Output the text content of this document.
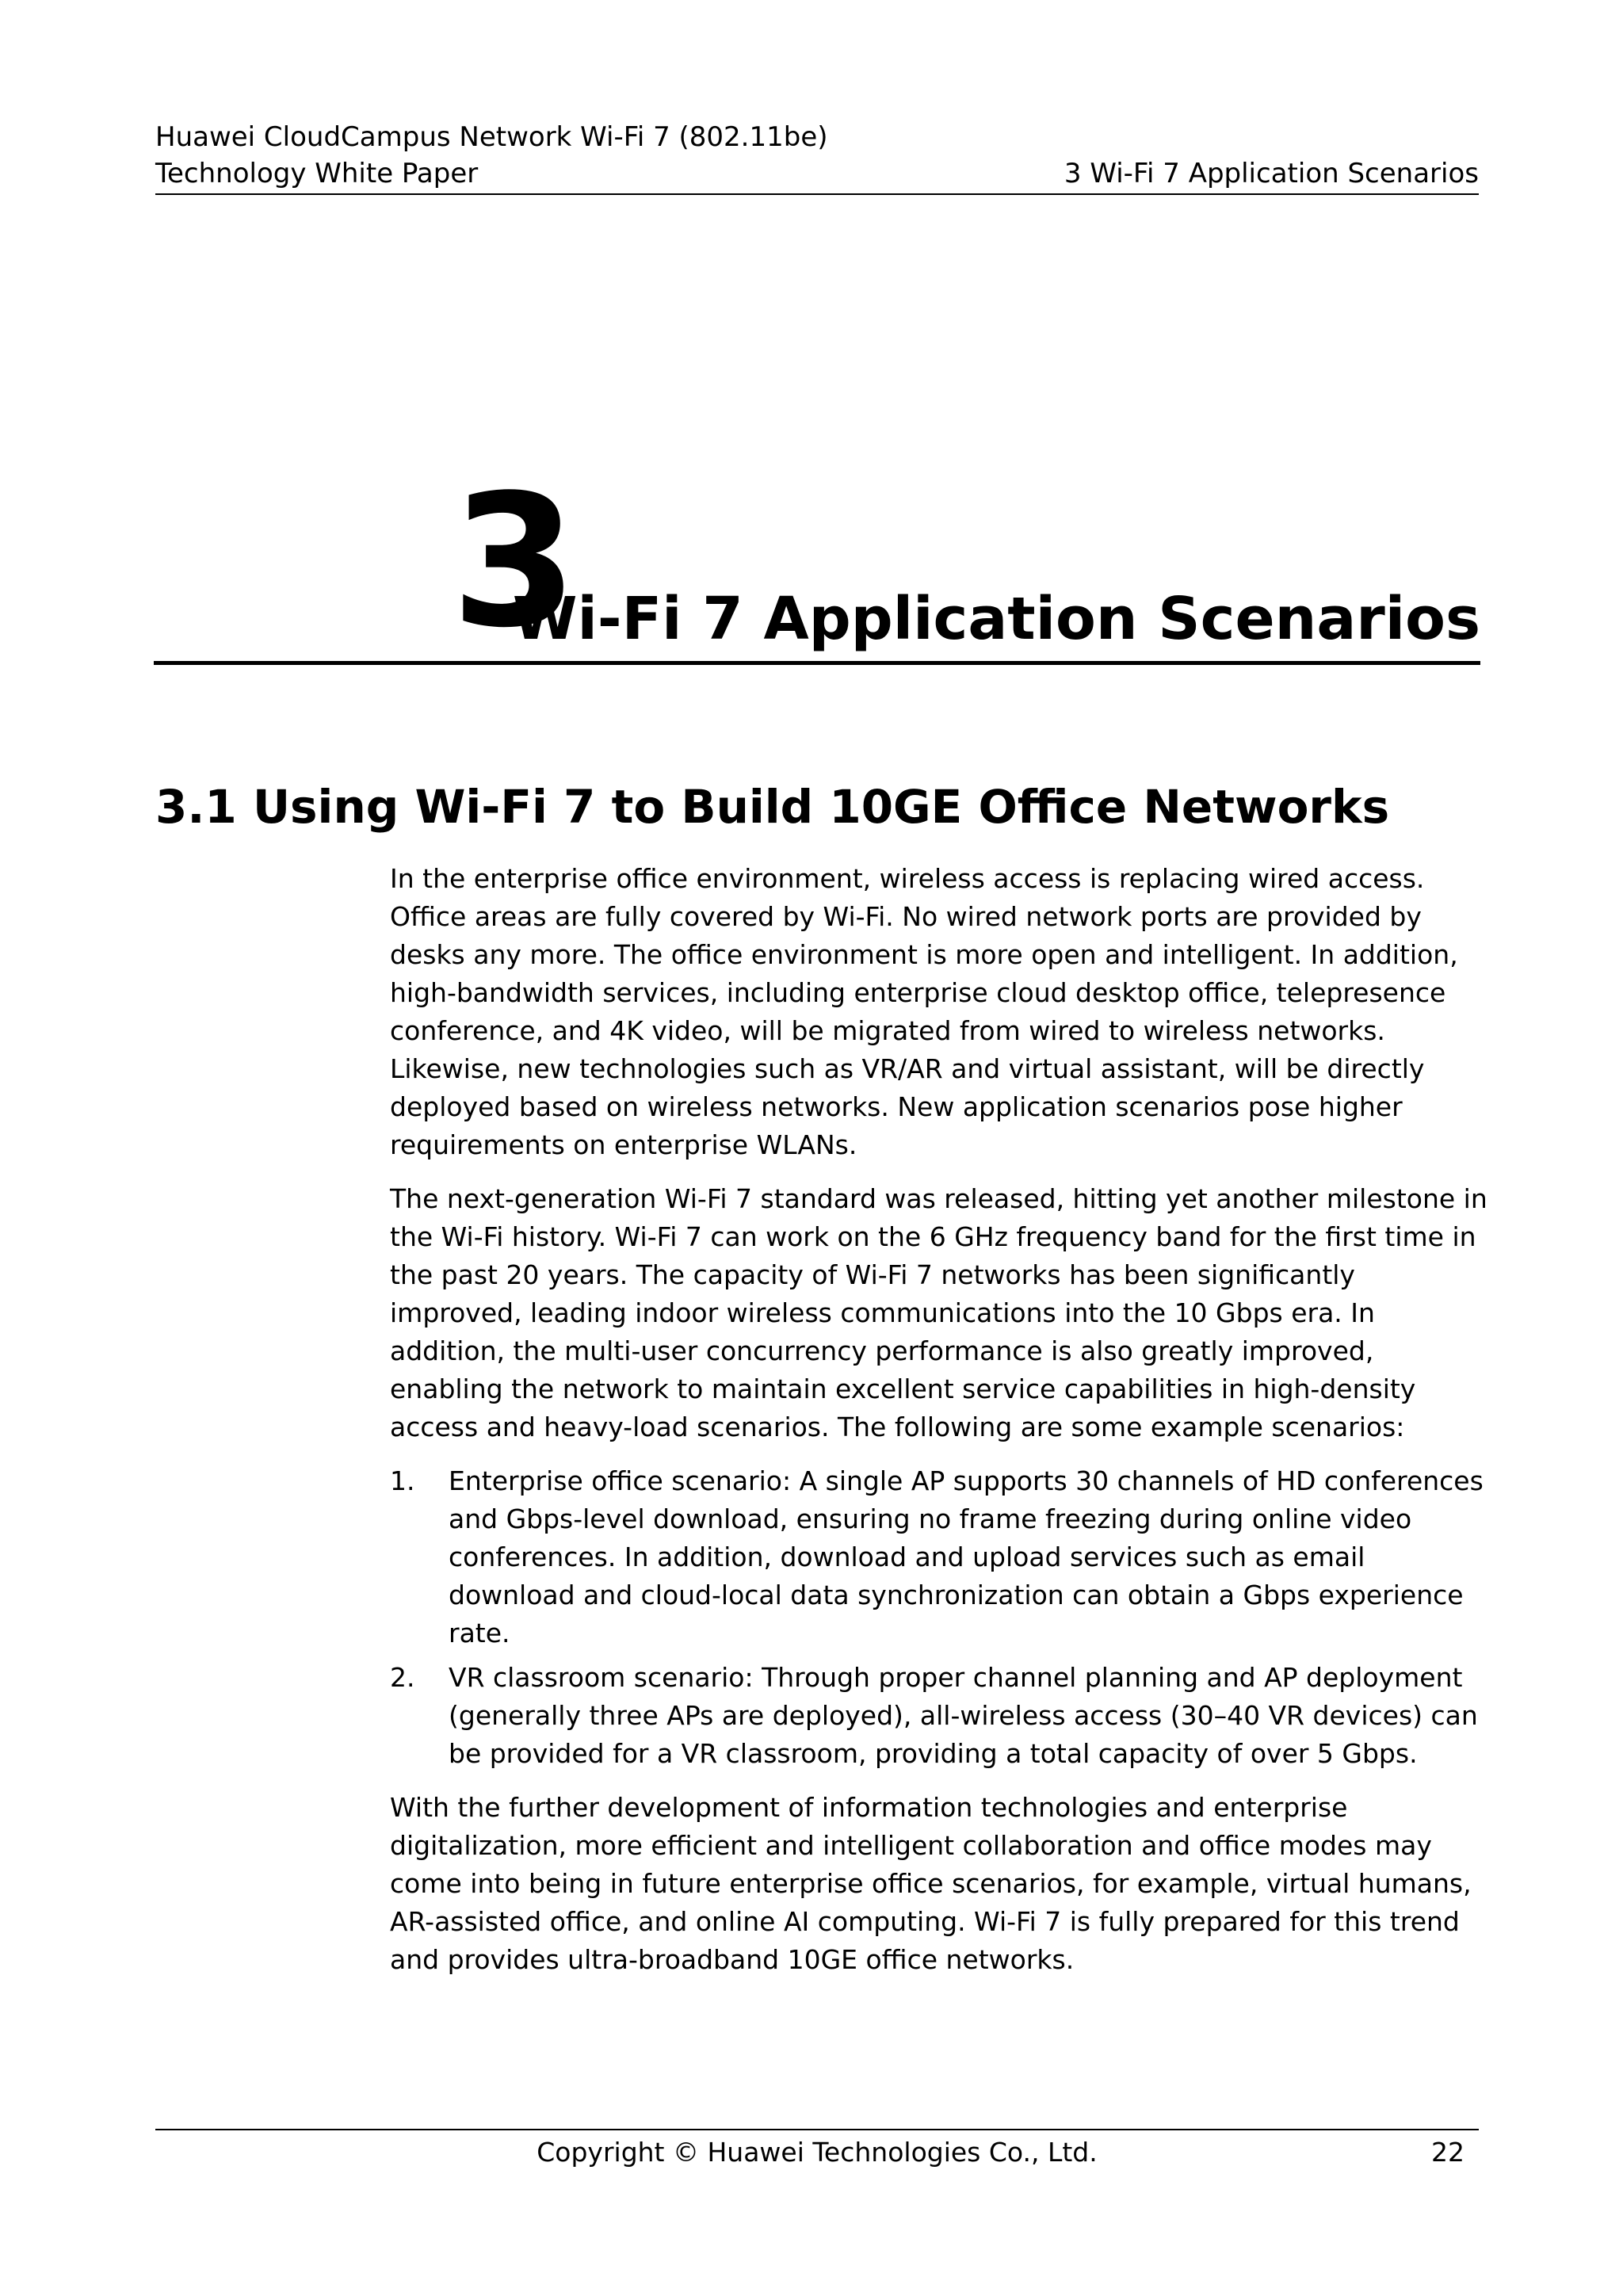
Huawei CloudCampus Network Wi-Fi 7 (802.11be)
Technology White Paper	3 Wi-Fi 7 Application Scenarios
3
Wi-Fi 7 Application Scenarios
3.1 Using Wi-Fi 7 to Build 10GE Office Networks

In the enterprise office environment, wireless access is replacing wired access. Office areas are fully covered by Wi-Fi. No wired network ports are provided by desks any more. The office environment is more open and intelligent. In addition, high-bandwidth services, including enterprise cloud desktop office, telepresence conference, and 4K video, will be migrated from wired to wireless networks. Likewise, new technologies such as VR/AR and virtual assistant, will be directly deployed based on wireless networks. New application scenarios pose higher requirements on enterprise WLANs.

The next-generation Wi-Fi 7 standard was released, hitting yet another milestone in the Wi-Fi history. Wi-Fi 7 can work on the 6 GHz frequency band for the first time in the past 20 years. The capacity of Wi-Fi 7 networks has been significantly improved, leading indoor wireless communications into the 10 Gbps era. In addition, the multi-user concurrency performance is also greatly improved, enabling the network to maintain excellent service capabilities in high-density access and heavy-load scenarios. The following are some example scenarios:

1. Enterprise office scenario: A single AP supports 30 channels of HD conferences and Gbps-level download, ensuring no frame freezing during online video conferences. In addition, download and upload services such as email download and cloud-local data synchronization can obtain a Gbps experience rate.
2. VR classroom scenario: Through proper channel planning and AP deployment (generally three APs are deployed), all-wireless access (30–40 VR devices) can be provided for a VR classroom, providing a total capacity of over 5 Gbps.

With the further development of information technologies and enterprise digitalization, more efficient and intelligent collaboration and office modes may come into being in future enterprise office scenarios, for example, virtual humans, AR-assisted office, and online AI computing. Wi-Fi 7 is fully prepared for this trend and provides ultra-broadband 10GE office networks.

Copyright © Huawei Technologies Co., Ltd.	22
